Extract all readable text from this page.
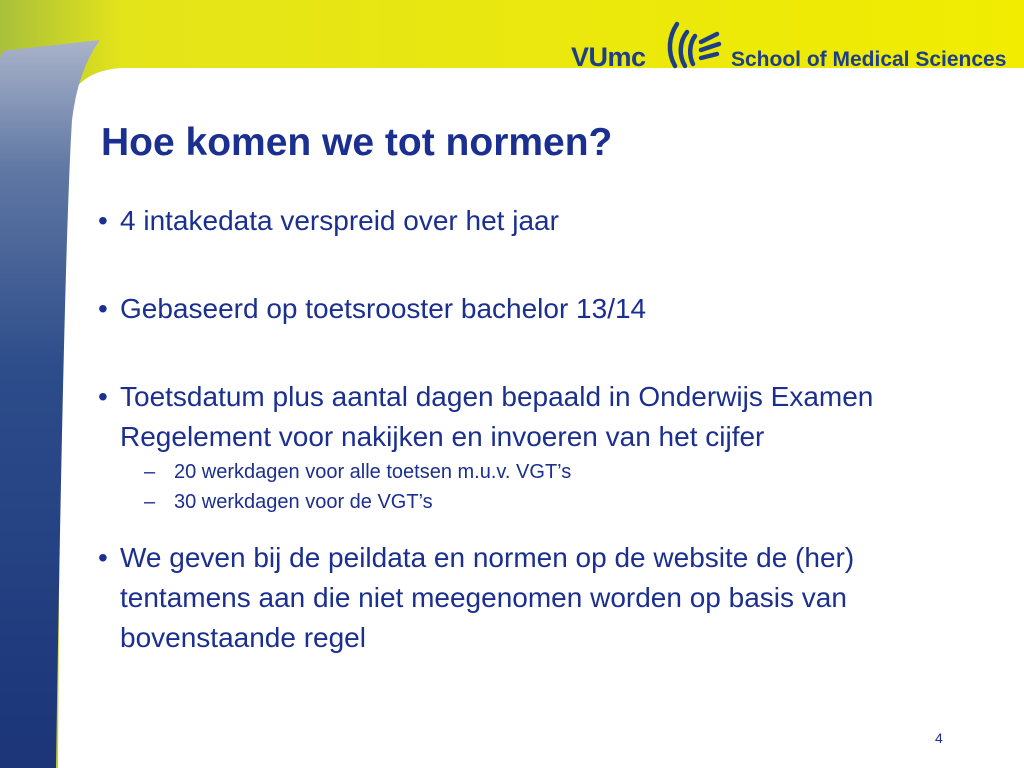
VUmc	School of Medical Sciences
Hoe komen we tot normen?
• 4 intakedata verspreid over het jaar
• Gebaseerd op toetsrooster bachelor 13/14
• Toetsdatum plus aantal dagen bepaald in Onderwijs Examen Regelement voor nakijken en invoeren van het cijfer
– 20 werkdagen voor alle toetsen m.u.v. VGT’s
– 30 werkdagen voor de VGT’s
• We geven bij de peildata en normen op de website de (her) tentamens aan die niet meegenomen worden op basis van bovenstaande regel
4
